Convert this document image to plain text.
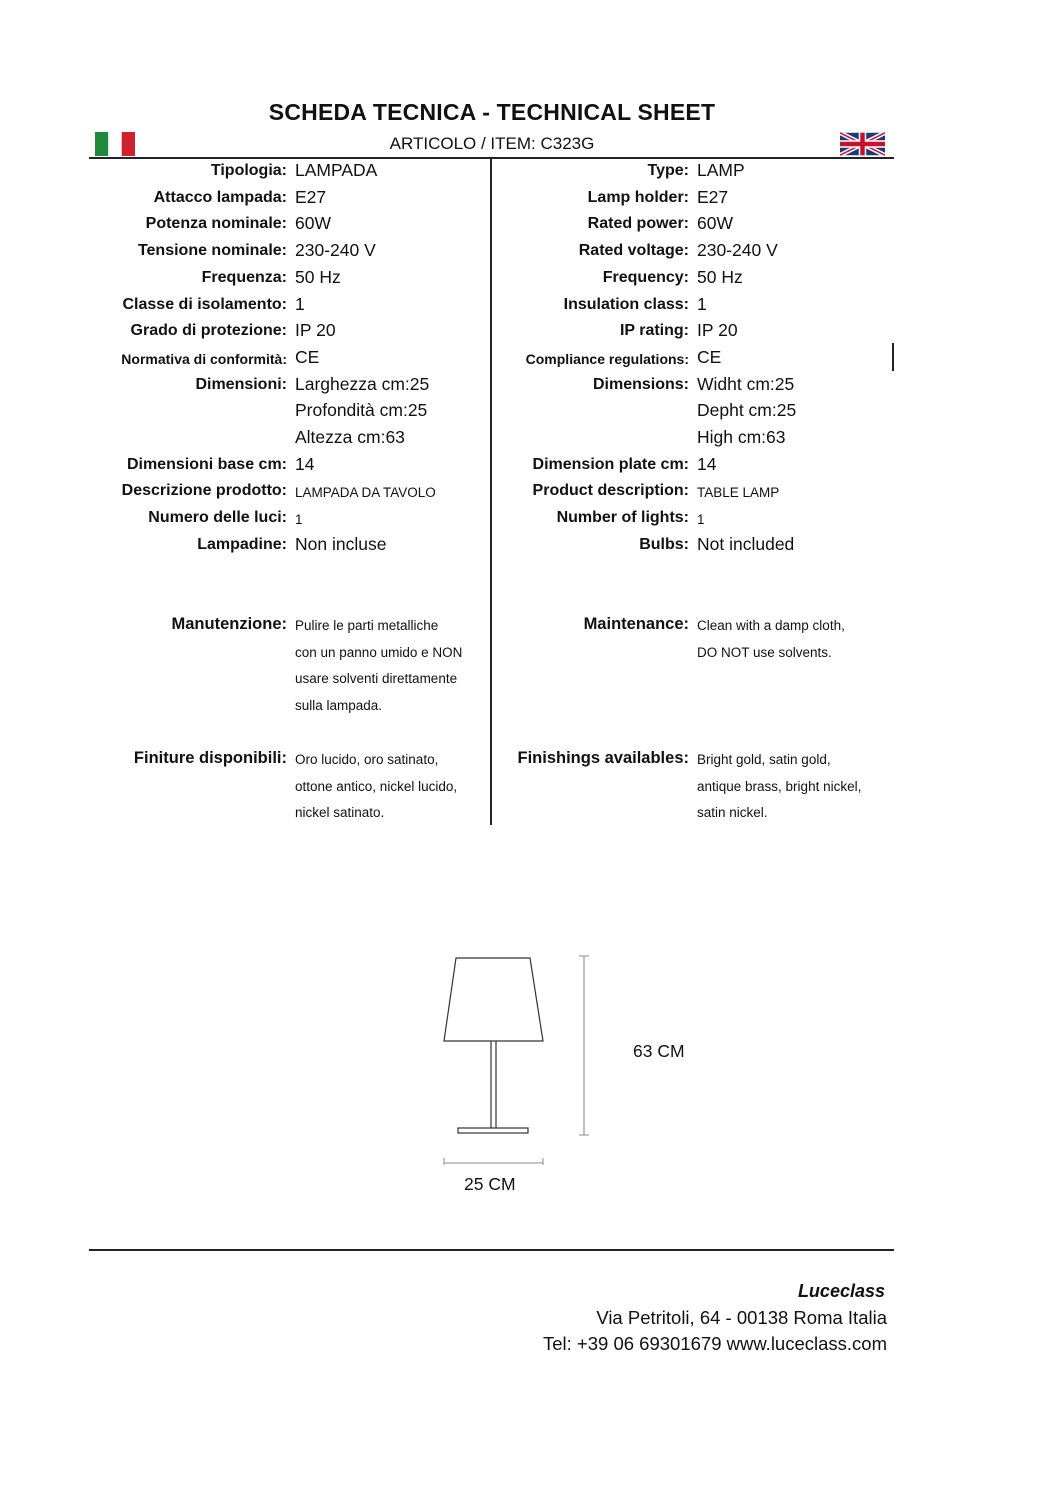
SCHEDA TECNICA - TECHNICAL SHEET
ARTICOLO / ITEM: C323G
Tipologia: LAMPADA
Attacco lampada: E27
Potenza nominale: 60W
Tensione nominale: 230-240 V
Frequenza: 50 Hz
Classe di isolamento: 1
Grado di protezione: IP 20
Normativa di conformità: CE
Dimensioni: Larghezza cm:25
Profondità cm:25
Altezza cm:63
Dimensioni base cm: 14
Descrizione prodotto: LAMPADA DA TAVOLO
Numero delle luci: 1
Lampadine: Non incluse
Type: LAMP
Lamp holder: E27
Rated power: 60W
Rated voltage: 230-240 V
Frequency: 50 Hz
Insulation class: 1
IP rating: IP 20
Compliance regulations: CE
Dimensions: Widht cm:25
Depht cm:25
High cm:63
Dimension plate cm: 14
Product description: TABLE LAMP
Number of lights: 1
Bulbs: Not included
Manutenzione: Pulire le parti metalliche
con un panno umido e NON
usare solventi direttamente
sulla lampada.
Finiture disponibili: Oro lucido, oro satinato,
ottone antico, nickel lucido,
nickel satinato.
Maintenance: Clean with a damp cloth,
DO NOT use solvents.
Finishings availables: Bright gold, satin gold,
antique brass, bright nickel,
satin nickel.
63 CM
25 CM
Luceclass
Via Petritoli, 64 - 00138 Roma Italia
Tel: +39 06 69301679 www.luceclass.com
